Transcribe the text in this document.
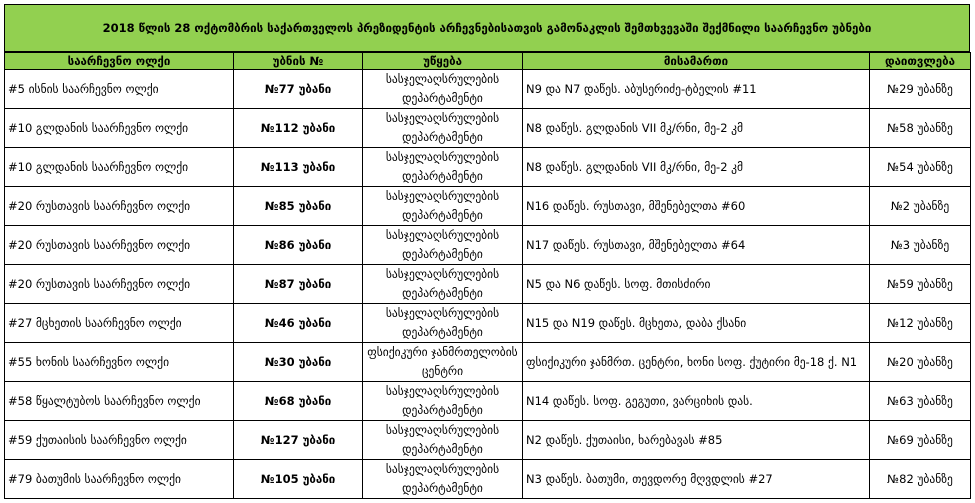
2018 წლის 28 ოქტომბრის საქართველოს პრეზიდენტის არჩევნებისათვის გამონაკლის შემთხვევაში შექმნილი საარჩევნო უბნები
საარჩევნო ოლქი	უბნის №	უწყება	მისამართი	დაითვლება
#5 ისნის საარჩევნო ოლქი	№77 უბანი	სასჯელაღსრულების დეპარტამენტი	N9 და N7 დაწეს. აბუსერიძე-ტბელის #11	№29 უბანზე
#10 გლდანის საარჩევნო ოლქი	№112 უბანი	სასჯელაღსრულების დეპარტამენტი	N8 დაწეს. გლდანის VII მკ/რნი, მე-2 კმ	№58 უბანზე
#10 გლდანის საარჩევნო ოლქი	№113 უბანი	სასჯელაღსრულების დეპარტამენტი	N8 დაწეს. გლდანის VII მკ/რნი, მე-2 კმ	№54 უბანზე
#20 რუსთავის საარჩევნო ოლქი	№85 უბანი	სასჯელაღსრულების დეპარტამენტი	N16 დაწეს. რუსთავი, მშენებელთა #60	№2 უბანზე
#20 რუსთავის საარჩევნო ოლქი	№86 უბანი	სასჯელაღსრულების დეპარტამენტი	N17 დაწეს. რუსთავი, მშენებელთა #64	№3 უბანზე
#20 რუსთავის საარჩევნო ოლქი	№87 უბანი	სასჯელაღსრულების დეპარტამენტი	N5 და N6 დაწეს. სოფ. მთისძირი	№59 უბანზე
#27 მცხეთის საარჩევნო ოლქი	№46 უბანი	სასჯელაღსრულების დეპარტამენტი	N15 და N19 დაწეს. მცხეთა, დაბა ქსანი	№12 უბანზე
#55 ხონის საარჩევნო ოლქი	№30 უბანი	ფსიქიკური ჯანმრთელობის ცენტრი	ფსიქიკური ჯანმრთ. ცენტრი, ხონი სოფ. ქუტირი მე-18 ქ. N1	№20 უბანზე
#58 წყალტუბოს საარჩევნო ოლქი	№68 უბანი	სასჯელაღსრულების დეპარტამენტი	N14 დაწეს. სოფ. გეგუთი, ვარციხის დას.	№63 უბანზე
#59 ქუთაისის საარჩევნო ოლქი	№127 უბანი	სასჯელაღსრულების დეპარტამენტი	N2 დაწეს. ქუთაისი, ხარებავას #85	№69 უბანზე
#79 ბათუმის საარჩევნო ოლქი	№105 უბანი	სასჯელაღსრულების დეპარტამენტი	N3 დაწეს. ბათუმი, თევდორე მღვდლის #27	№82 უბანზე
